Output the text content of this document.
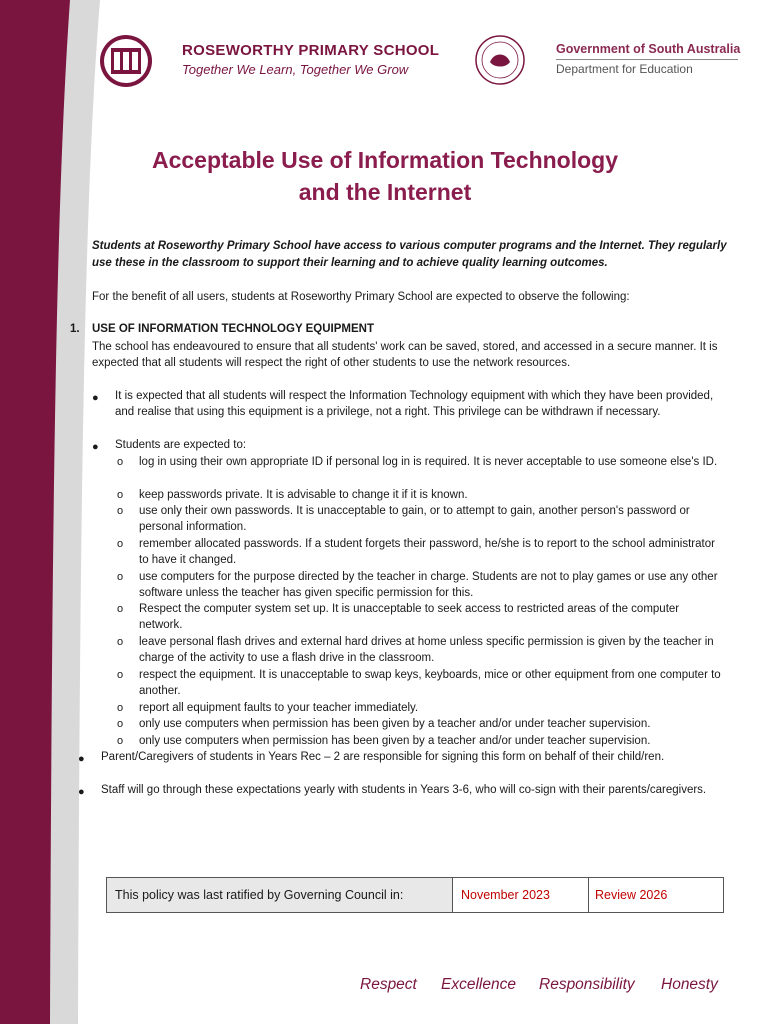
ROSEWORTHY PRIMARY SCHOOL
Together We Learn, Together We Grow
Government of South Australia
Department for Education
Acceptable Use of Information Technology
and the Internet
Students at Roseworthy Primary School have access to various computer programs and the Internet. They regularly use these in the classroom to support their learning and to achieve quality learning outcomes.
For the benefit of all users, students at Roseworthy Primary School are expected to observe the following:
1. USE OF INFORMATION TECHNOLOGY EQUIPMENT
The school has endeavoured to ensure that all students' work can be saved, stored, and accessed in a secure manner. It is expected that all students will respect the right of other students to use the network resources.
● It is expected that all students will respect the Information Technology equipment with which they have been provided, and realise that using this equipment is a privilege, not a right. This privilege can be withdrawn if necessary.
● Students are expected to:
o log in using their own appropriate ID if personal log in is required. It is never acceptable to use someone else's ID.
o keep passwords private. It is advisable to change it if it is known.
o use only their own passwords. It is unacceptable to gain, or to attempt to gain, another person's password or personal information.
o remember allocated passwords. If a student forgets their password, he/she is to report to the school administrator to have it changed.
o use computers for the purpose directed by the teacher in charge. Students are not to play games or use any other software unless the teacher has given specific permission for this.
o Respect the computer system set up. It is unacceptable to seek access to restricted areas of the computer network.
o leave personal flash drives and external hard drives at home unless specific permission is given by the teacher in charge of the activity to use a flash drive in the classroom.
o respect the equipment. It is unacceptable to swap keys, keyboards, mice or other equipment from one computer to another.
o report all equipment faults to your teacher immediately.
o only use computers when permission has been given by a teacher and/or under teacher supervision.
o only use computers when permission has been given by a teacher and/or under teacher supervision.
● Parent/Caregivers of students in Years Rec – 2 are responsible for signing this form on behalf of their child/ren.
● Staff will go through these expectations yearly with students in Years 3-6, who will co-sign with their parents/caregivers.
This policy was last ratified by Governing Council in:	November 2023	Review 2026
Respect Excellence Responsibility Honesty
